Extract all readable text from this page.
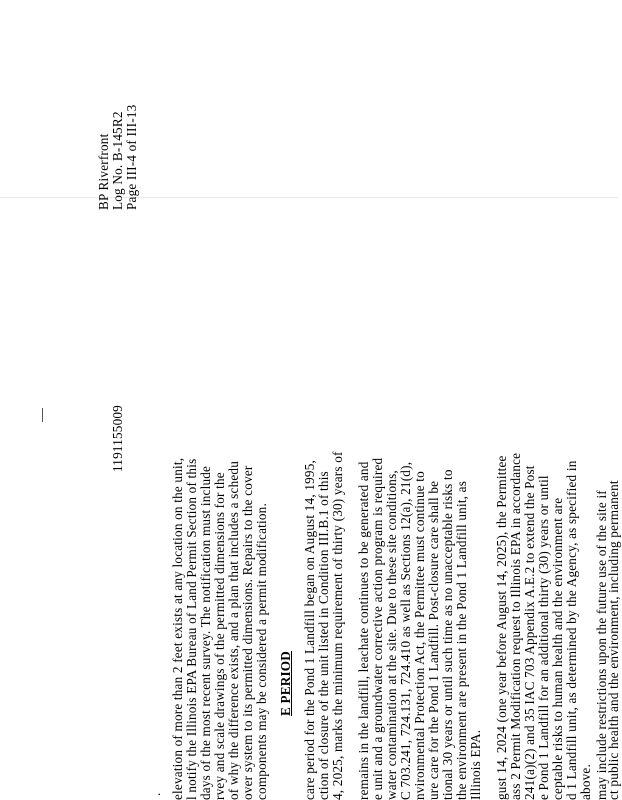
1191155009
BP Riverfront Log No. B-145R2 Page III-4 of III-13
elevation of more than 2 feet exists at any location on the unit, l notify the Illinois EPA Bureau of Land Permit Section of this days of the most recent survey. The notification must include rvey and scale drawings of the permitted dimensions for the of why the difference exists, and a plan that includes a schedu over system to its permitted dimensions. Repairs to the cover components may be considered a permit modification.
.
E PERIOD care period for the Pond 1 Landfill began on August 14, 1995, ction of closure of the unit listed in Condition III.B.1 of this 4, 2025, marks the minimum requirement of thirty (30) years of remains in the landfill, leachate continues to be generated and e unit and a groundwater corrective action program is required water contamination at the site. Due to these site conditions, C 703.241, 724.131, 724.410 as well as Sections 12(a), 21(d), nvironmental Protection Act, the Permittee must continue to ure care for the Pond 1 Landfill. Post-closure care shall be tional 30 years or until such time as no unacceptable risks to the environment are present in the Pond 1 Landfill unit, as Illinois EPA. gust 14, 2024 (one year before August 14, 2025), the Permittee ass 2 Permit Modification request to Illinois EPA in accordance 241(a)(2) and 35 IAC 703 Appendix A.E.2 to extend the Post e Pond 1 Landfill for an additional thirty (30) years or until ceptable risks to human health and the environment are d 1 Landfill unit, as determined by the Agency, as specified in above. may include restrictions upon the future use of the site if
ct public health and the environment, including permanent
